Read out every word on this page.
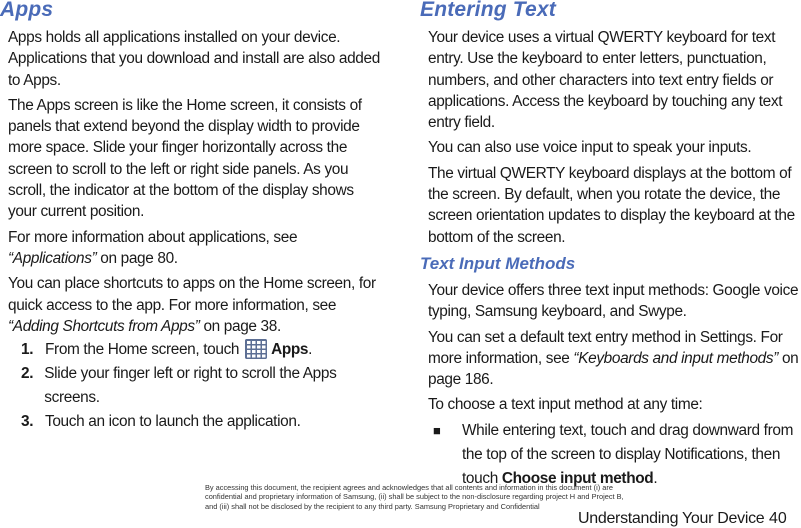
Apps

Apps holds all applications installed on your device. Applications that you download and install are also added to Apps.

The Apps screen is like the Home screen, it consists of panels that extend beyond the display width to provide more space. Slide your finger horizontally across the screen to scroll to the left or right side panels. As you scroll, the indicator at the bottom of the display shows your current position.

For more information about applications, see “Applications” on page 80.

You can place shortcuts to apps on the Home screen, for quick access to the app. For more information, see “Adding Shortcuts from Apps” on page 38.

1. From the Home screen, touch
Apps.
2. Slide your finger left or right to scroll the Apps screens.
3. Touch an icon to launch the application.
Entering Text

Your device uses a virtual QWERTY keyboard for text entry. Use the keyboard to enter letters, punctuation, numbers, and other characters into text entry fields or applications. Access the keyboard by touching any text entry field.

You can also use voice input to speak your inputs.

The virtual QWERTY keyboard displays at the bottom of the screen. By default, when you rotate the device, the screen orientation updates to display the keyboard at the bottom of the screen.

Text Input Methods

Your device offers three text input methods: Google voice typing, Samsung keyboard, and Swype.

You can set a default text entry method in Settings. For more information, see “Keyboards and input methods” on page 186.

To choose a text input method at any time:

■	While entering text, touch and drag downward from the top of the screen to display Notifications, then touch Choose input method.
By accessing this document, the recipient agrees and acknowledges that all contents and information in this document (i) are confidential and proprietary information of Samsung, (ii) shall be subject to the non-disclosure regarding project H and Project B, and (iii) shall not be disclosed by the recipient to any third party. Samsung Proprietary and Confidential
Understanding Your Device 40
